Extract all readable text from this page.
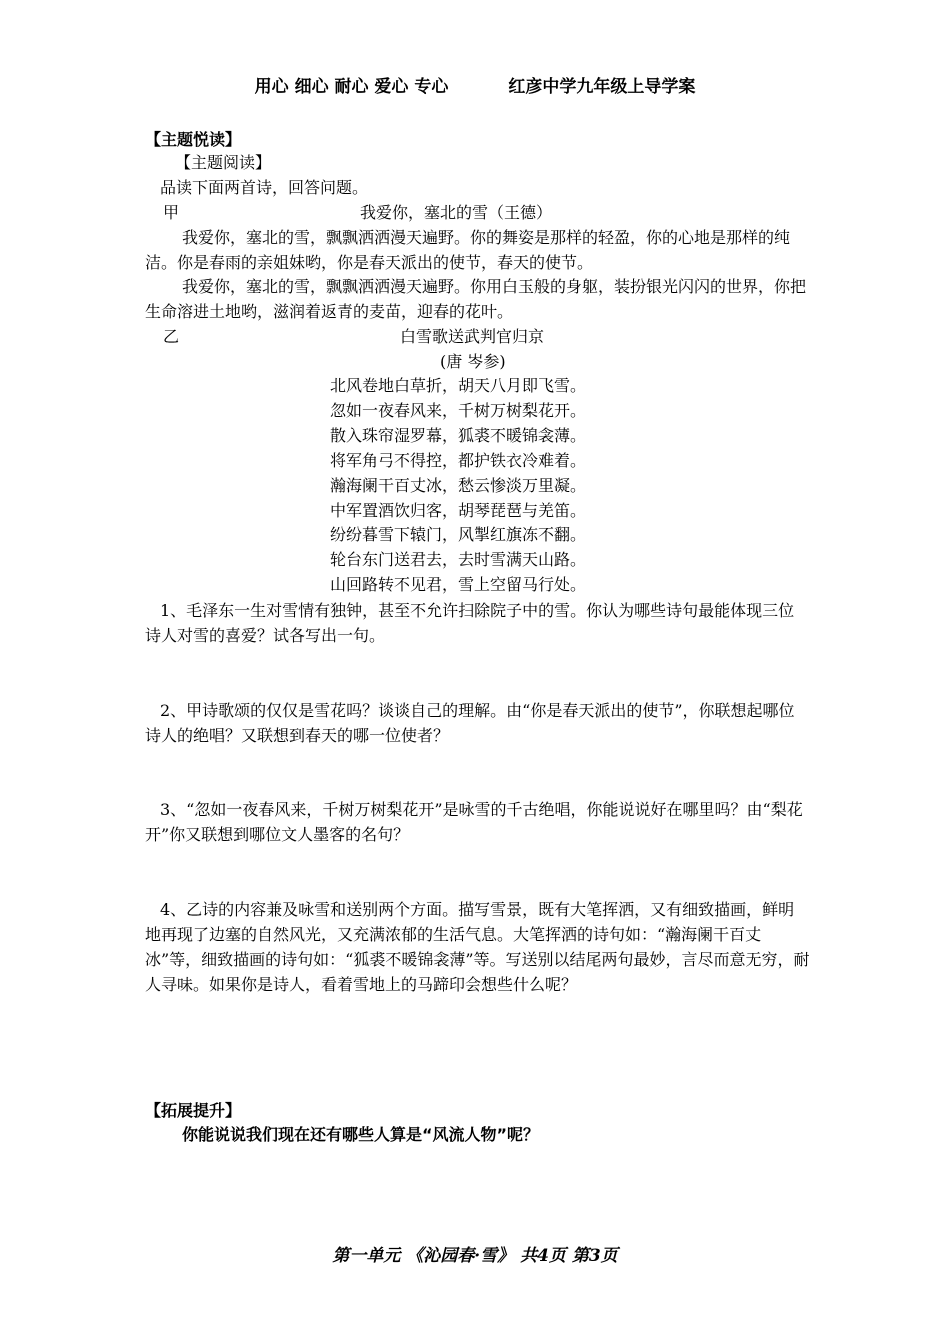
用心 细心 耐心 爱心 专心	红彦中学九年级上导学案
【主题悦读】
【主题阅读】
品读下面两首诗，回答问题。
甲	我爱你，塞北的雪（王德）
我爱你，塞北的雪，飘飘洒洒漫天遍野。你的舞姿是那样的轻盈，你的心地是那样的纯洁。你是春雨的亲姐妹哟，你是春天派出的使节，春天的使节。
我爱你，塞北的雪，飘飘洒洒漫天遍野。你用白玉般的身躯，装扮银光闪闪的世界，你把生命溶进土地哟，滋润着返青的麦苗，迎春的花叶。
乙	白雪歌送武判官归京
(唐 岑参)
北风卷地白草折，胡天八月即飞雪。
忽如一夜春风来，千树万树梨花开。
散入珠帘湿罗幕，狐裘不暖锦衾薄。
将军角弓不得控，都护铁衣冷难着。
瀚海阑干百丈冰，愁云惨淡万里凝。
中军置酒饮归客，胡琴琵琶与羌笛。
纷纷暮雪下辕门，风掣红旗冻不翻。
轮台东门送君去，去时雪满天山路。
山回路转不见君，雪上空留马行处。
1、毛泽东一生对雪情有独钟，甚至不允许扫除院子中的雪。你认为哪些诗句最能体现三位诗人对雪的喜爱？试各写出一句。
2、甲诗歌颂的仅仅是雪花吗？谈谈自己的理解。由“你是春天派出的使节”，你联想起哪位诗人的绝唱？又联想到春天的哪一位使者？
3、“忽如一夜春风来，千树万树梨花开”是咏雪的千古绝唱，你能说说好在哪里吗？由“梨花开”你又联想到哪位文人墨客的名句？
4、乙诗的内容兼及咏雪和送别两个方面。描写雪景，既有大笔挥洒，又有细致描画，鲜明地再现了边塞的自然风光，又充满浓郁的生活气息。大笔挥洒的诗句如：“瀚海阑干百丈冰”等，细致描画的诗句如：“狐裘不暖锦衾薄”等。写送别以结尾两句最妙，言尽而意无穷，耐人寻味。如果你是诗人，看着雪地上的马蹄印会想些什么呢？
【拓展提升】
你能说说我们现在还有哪些人算是“风流人物”呢？
第一单元 《沁园春·雪》 共4页 第3页
